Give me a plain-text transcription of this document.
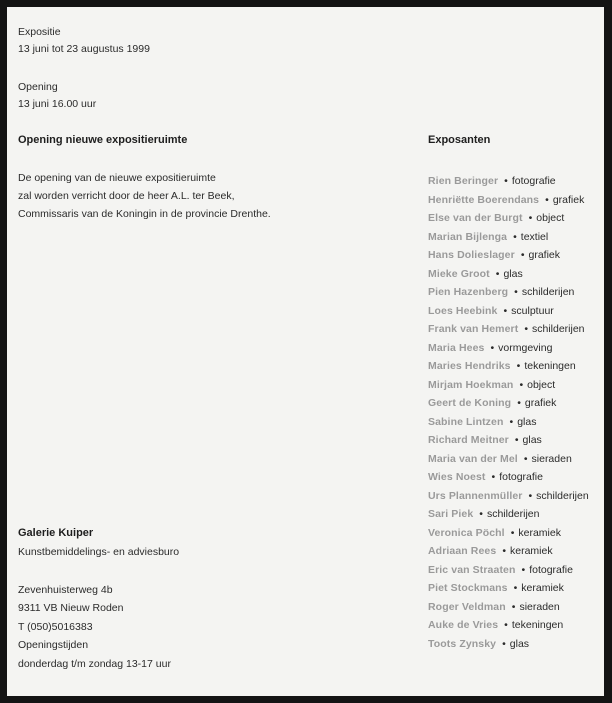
Expositie
13 juni tot 23 augustus 1999
Opening
13 juni 16.00 uur
Opening nieuwe expositieruimte
De opening van de nieuwe expositieruimte
zal worden verricht door de heer A.L. ter Beek,
Commissaris van de Koningin in de provincie Drenthe.
Exposanten
Rien Beringer • fotografie
Henriëtte Boerendans • grafiek
Else van der Burgt • object
Marian Bijlenga • textiel
Hans Dolieslager • grafiek
Mieke Groot • glas
Pien Hazenberg • schilderijen
Loes Heebink • sculptuur
Frank van Hemert • schilderijen
Maria Hees • vormgeving
Maries Hendriks • tekeningen
Mirjam Hoekman • object
Geert de Koning • grafiek
Sabine Lintzen • glas
Richard Meitner • glas
Maria van der Mel • sieraden
Wies Noest • fotografie
Urs Plannenmüller • schilderijen
Sari Piek • schilderijen
Veronica Pöchl • keramiek
Adriaan Rees • keramiek
Eric van Straaten • fotografie
Piet Stockmans • keramiek
Roger Veldman • sieraden
Auke de Vries • tekeningen
Toots Zynsky • glas
Galerie Kuiper
Kunstbemiddelings- en adviesburo
Zevenhuisterweg 4b
9311 VB Nieuw Roden
T (050)5016383
Openingstijden
donderdag t/m zondag 13-17 uur
